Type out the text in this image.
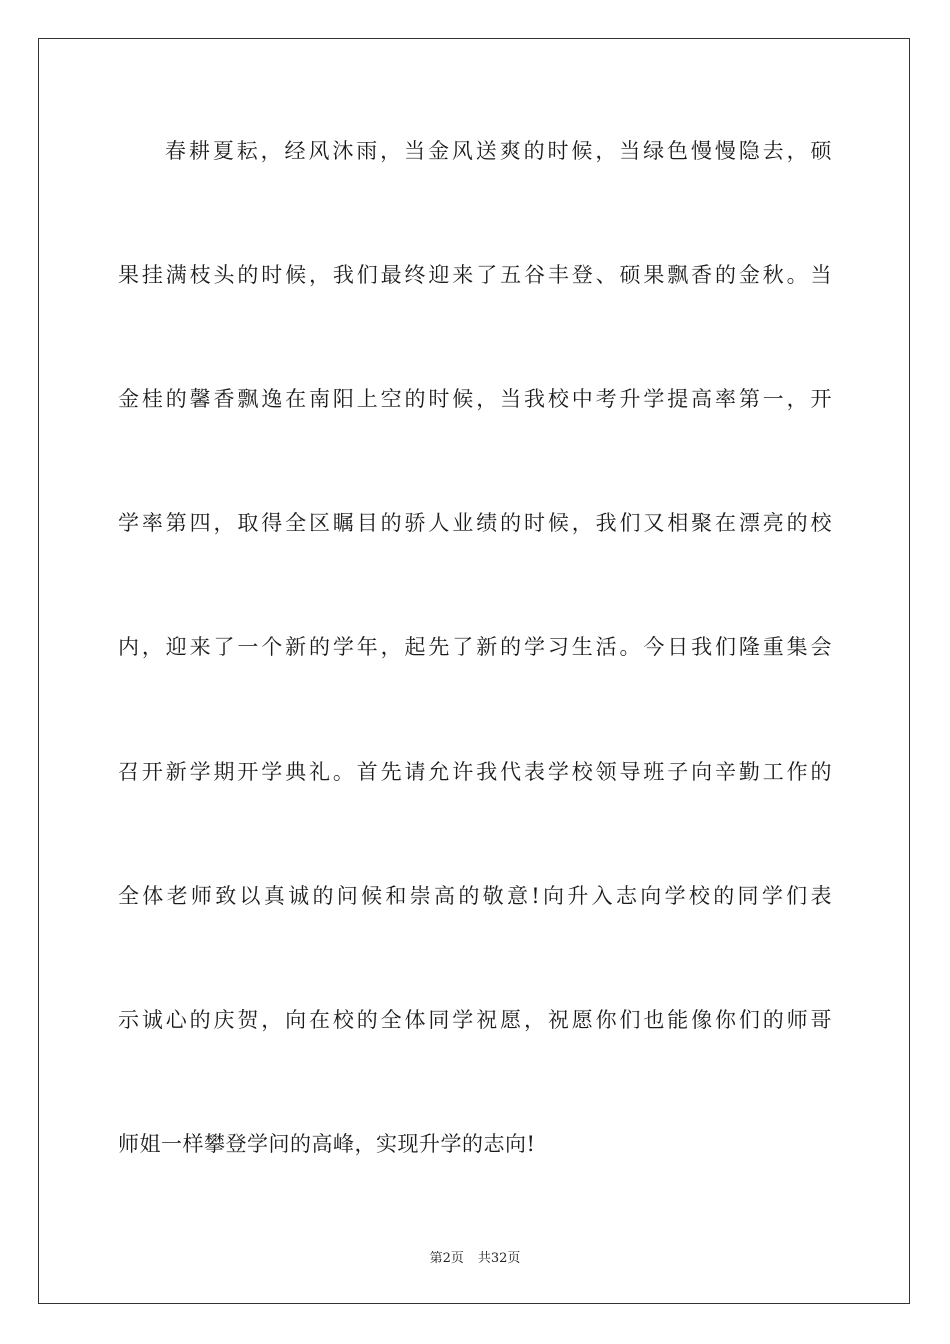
春耕夏耘，经风沐雨，当金风送爽的时候，当绿色慢慢隐去，硕
果挂满枝头的时候，我们最终迎来了五谷丰登、硕果飘香的金秋。当
金桂的馨香飘逸在南阳上空的时候，当我校中考升学提高率第一，开
学率第四，取得全区瞩目的骄人业绩的时候，我们又相聚在漂亮的校
内，迎来了一个新的学年，起先了新的学习生活。今日我们隆重集会
召开新学期开学典礼。首先请允许我代表学校领导班子向辛勤工作的
全体老师致以真诚的问候和崇高的敬意!向升入志向学校的同学们表
示诚心的庆贺，向在校的全体同学祝愿，祝愿你们也能像你们的师哥
师姐一样攀登学问的高峰，实现升学的志向!
第2页 共32页
